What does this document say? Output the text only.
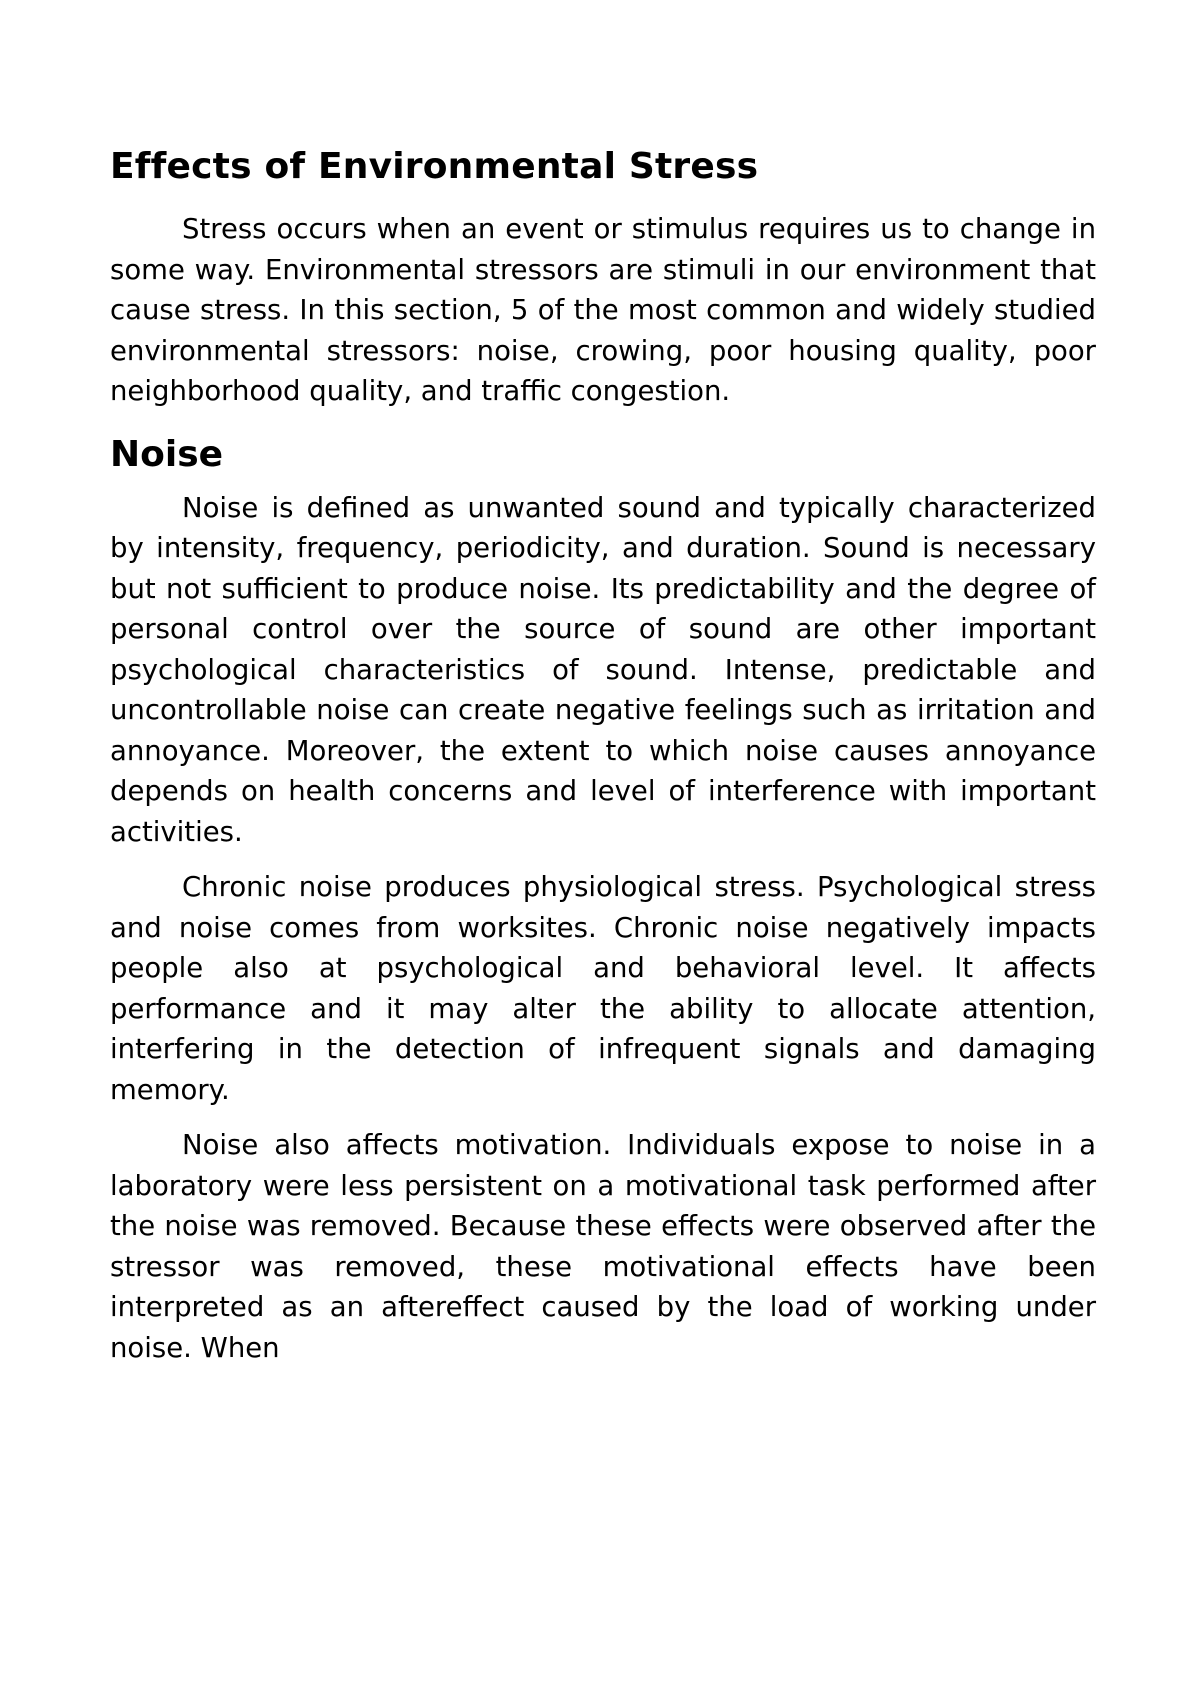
Effects of Environmental Stress

Stress occurs when an event or stimulus requires us to change in some way. Environmental stressors are stimuli in our environment that cause stress. In this section, 5 of the most common and widely studied environmental stressors: noise, crowing, poor housing quality, poor neighborhood quality, and traffic congestion.

Noise

Noise is defined as unwanted sound and typically characterized by intensity, frequency, periodicity, and duration. Sound is necessary but not sufficient to produce noise. Its predictability and the degree of personal control over the source of sound are other important psychological characteristics of sound. Intense, predictable and uncontrollable noise can create negative feelings such as irritation and annoyance. Moreover, the extent to which noise causes annoyance depends on health concerns and level of interference with important activities.

Chronic noise produces physiological stress. Psychological stress and noise comes from worksites. Chronic noise negatively impacts people also at psychological and behavioral level. It affects performance and it may alter the ability to allocate attention, interfering in the detection of infrequent signals and damaging memory.

Noise also affects motivation. Individuals expose to noise in a laboratory were less persistent on a motivational task performed after the noise was removed. Because these effects were observed after the stressor was removed, these motivational effects have been interpreted as an aftereffect caused by the load of working under noise. When
